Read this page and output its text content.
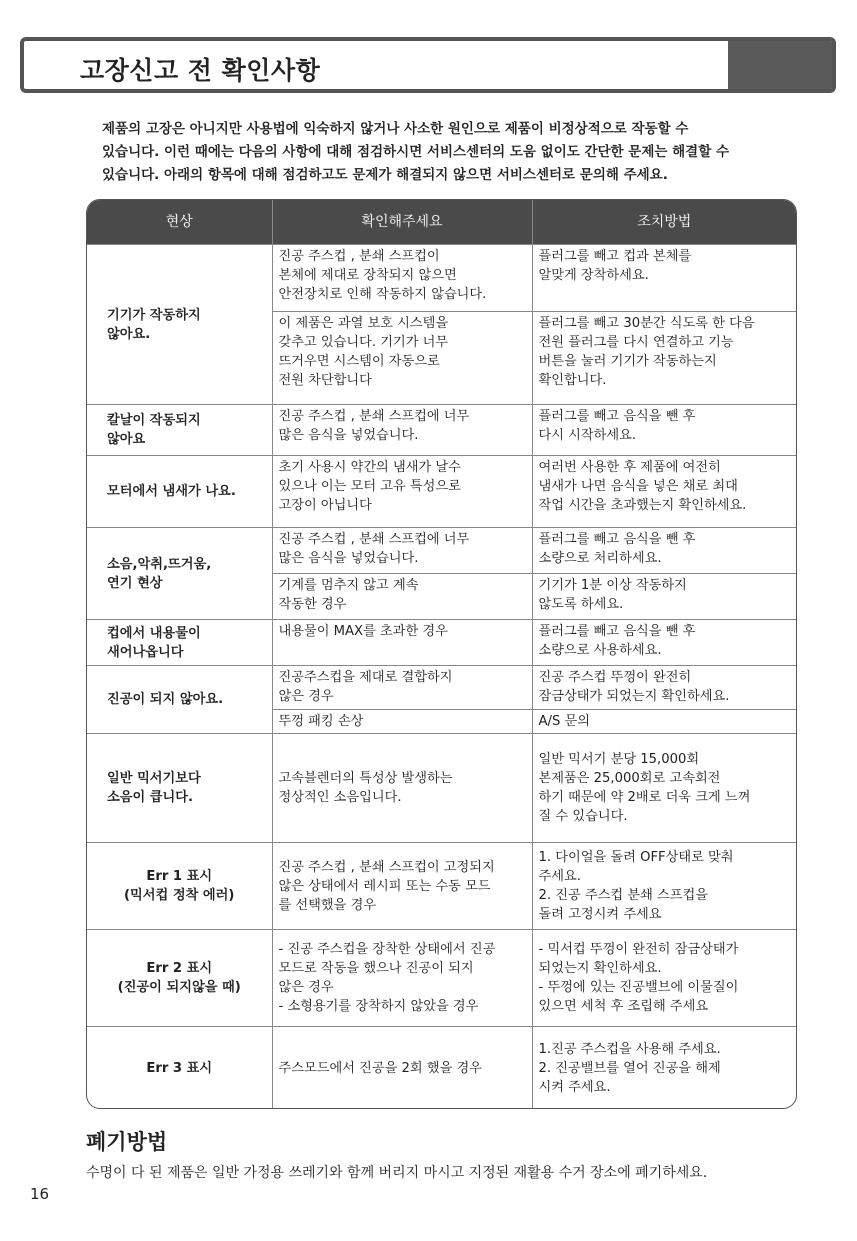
고장신고 전 확인사항

제품의 고장은 아니지만 사용법에 익숙하지 않거나 사소한 원인으로 제품이 비정상적으로 작동할 수

있습니다. 이런 때에는 다음의 사항에 대해 점검하시면 서비스센터의 도움 없이도 간단한 문제는 해결할 수

있습니다. 아래의 항목에 대해 점검하고도 문제가 해결되지 않으면 서비스센터로 문의해 주세요.

현상	확인해주세요	조치방법
기기가 작동하지
않아요.	진공 주스컵 , 분쇄 스프컵이
본체에 제대로 장착되지 않으면
안전장치로 인해 작동하지 않습니다.	플러그를 빼고 컵과 본체를
알맞게 장착하세요.
	이 제품은 과열 보호 시스템을
갖추고 있습니다. 기기가 너무
뜨거우면 시스템이 자동으로
전원 차단합니다	플러그를 빼고 30분간 식도록 한 다음
전원 플러그를 다시 연결하고 기능
버튼을 눌러 기기가 작동하는지
확인합니다.
칼날이 작동되지
않아요	진공 주스컵 , 분쇄 스프컵에 너무
많은 음식을 넣었습니다.	플러그를 빼고 음식을 뺀 후
다시 시작하세요.
모터에서 냄새가 나요.	초기 사용시 약간의 냄새가 날수
있으나 이는 모터 고유 특성으로
고장이 아닙니다	여러번 사용한 후 제품에 여전히
냄새가 나면 음식을 넣은 채로 최대
작업 시간을 초과했는지 확인하세요.
소음,악취,뜨거움,
연기 현상	진공 주스컵 , 분쇄 스프컵에 너무
많은 음식을 넣었습니다.	플러그를 빼고 음식을 뺀 후
소량으로 처리하세요.
	기계를 멈추지 않고 계속
작동한 경우	기기가 1분 이상 작동하지
않도록 하세요.
컵에서 내용물이
새어나옵니다	내용물이 MAX를 초과한 경우	플러그를 빼고 음식을 뺀 후
소량으로 사용하세요.
진공이 되지 않아요.	진공주스컵을 제대로 결합하지
않은 경우	진공 주스컵 뚜껑이 완전히
잠금상태가 되었는지 확인하세요.
	뚜껑 패킹 손상	A/S 문의
일반 믹서기보다
소음이 큽니다.	고속블렌더의 특성상 발생하는
정상적인 소음입니다.	일반 믹서기 분당 15,000회
본제품은 25,000회로 고속회전
하기 때문에 약 2배로 더욱 크게 느껴
질 수 있습니다.
Err 1 표시
(믹서컵 정착 에러)	진공 주스컵 , 분쇄 스프컵이 고정되지
않은 상태에서 레시피 또는 수동 모드
를 선택했을 경우	1. 다이얼을 돌려 OFF상태로 맞춰
주세요.
2. 진공 주스컵 분쇄 스프컵을
돌려 고정시켜 주세요
Err 2 표시
(진공이 되지않을 때)	- 진공 주스컵을 장착한 상태에서 진공
모드로 작동을 했으나 진공이 되지
않은 경우
- 소형용기를 장착하지 않았을 경우	- 믹서컵 뚜껑이 완전히 잠금상태가
되었는지 확인하세요.
- 뚜껑에 있는 진공밸브에 이물질이
있으면 세척 후 조립해 주세요
Err 3 표시	주스모드에서 진공을 2회 했을 경우	1.진공 주스컵을 사용해 주세요.
2. 진공밸브를 열어 진공을 해제
시켜 주세요.
폐기방법

수명이 다 된 제품은 일반 가정용 쓰레기와 함께 버리지 마시고 지정된 재활용 수거 장소에 폐기하세요.

16
